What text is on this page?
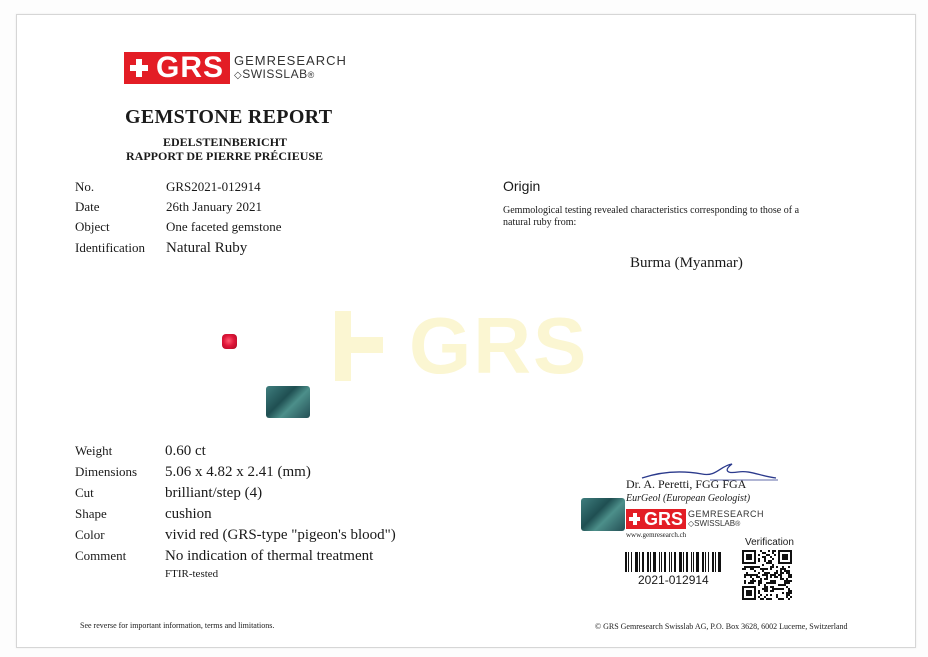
GRS GEMRESEARCH
◇SWISSLAB®
GEMSTONE REPORT
EDELSTEINBERICHT
RAPPORT DE PIERRE PRÉCIEUSE
No.	GRS2021-012914
Date	26th January 2021
Object	One faceted gemstone
Identification Natural Ruby
Origin
Gemmological testing revealed characteristics corresponding to those of a natural ruby from:
Burma (Myanmar)
GRS
Weight	0.60 ct
Dimensions 5.06 x 4.82 x 2.41 (mm)
Cut	brilliant/step (4)
Shape	cushion
Color	vivid red (GRS-type "pigeon's blood")
Comment	No indication of thermal treatment
FTIR-tested
Dr. A. Peretti, FGG FGA
EurGeol (European Geologist)
GRS GEMRESEARCH
◇SWISSLAB®
www.gemresearch.ch
Verification
2021-012914
See reverse for important information, terms and limitations.	© GRS Gemresearch Swisslab AG, P.O. Box 3628, 6002 Lucerne, Switzerland
